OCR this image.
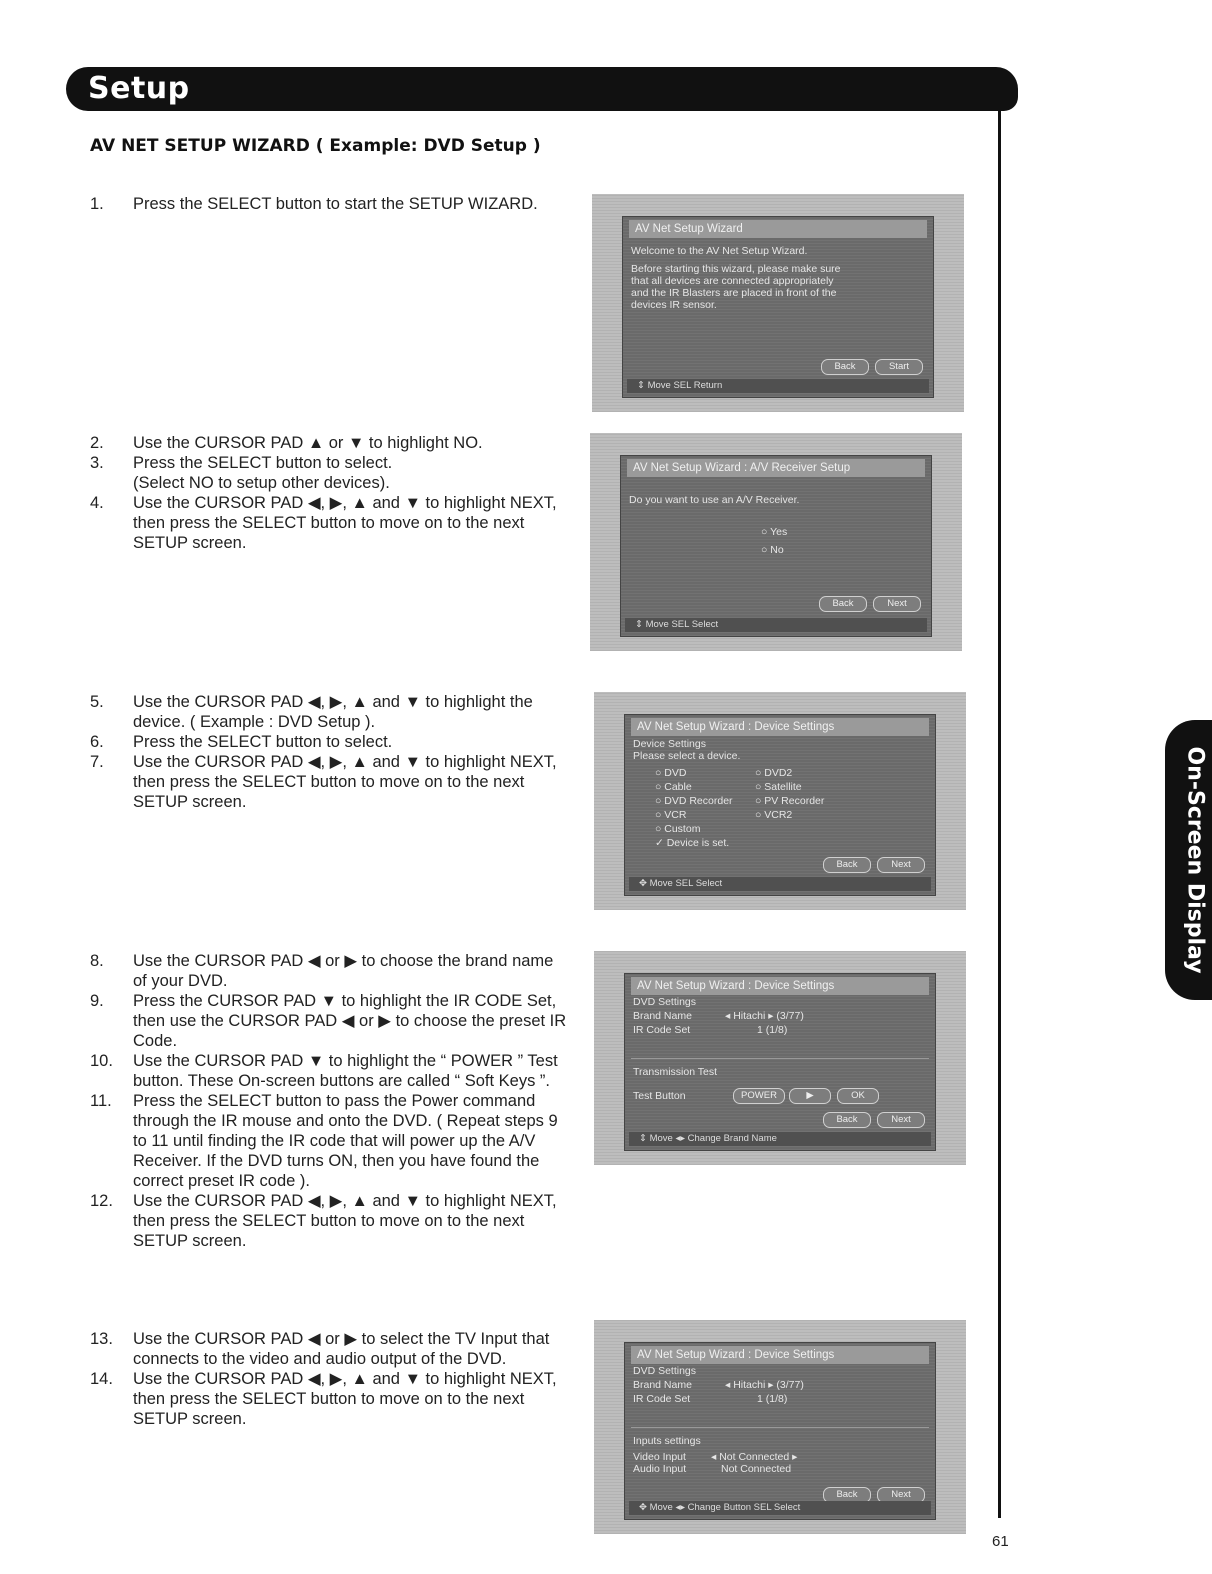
Setup
On-Screen Display
61
AV NET SETUP WIZARD ( Example: DVD Setup )
1.	Press the SELECT button to start the SETUP WIZARD.
2.	Use the CURSOR PAD ▲ or ▼ to highlight NO.
3.	Press the SELECT button to select. (Select NO to setup other devices).
4.	Use the CURSOR PAD ◀, ▶, ▲ and ▼ to highlight NEXT, then press the SELECT button to move on to the next SETUP screen.
5.	Use the CURSOR PAD ◀, ▶, ▲ and ▼ to highlight the device. ( Example : DVD Setup ).
6.	Press the SELECT button to select.
7.	Use the CURSOR PAD ◀, ▶, ▲ and ▼ to highlight NEXT, then press the SELECT button to move on to the next SETUP screen.
8.	Use the CURSOR PAD ◀ or ▶ to choose the brand name of your DVD.
9.	Press the CURSOR PAD ▼ to highlight the IR CODE Set, then use the CURSOR PAD ◀ or ▶ to choose the preset IR Code.
10.	Use the CURSOR PAD ▼ to highlight the “ POWER ” Test button. These On-screen buttons are called “ Soft Keys ”.
11.	Press the SELECT button to pass the Power command through the IR mouse and onto the DVD. ( Repeat steps 9 to 11 until finding the IR code that will power up the A/V Receiver. If the DVD turns ON, then you have found the correct preset IR code ).
12.	Use the CURSOR PAD ◀, ▶, ▲ and ▼ to highlight NEXT, then press the SELECT button to move on to the next SETUP screen.
13.	Use the CURSOR PAD ◀ or ▶ to select the TV Input that connects to the video and audio output of the DVD.
14.	Use the CURSOR PAD ◀, ▶, ▲ and ▼ to highlight NEXT, then press the SELECT button to move on to the next SETUP screen.
AV Net Setup Wizard
Welcome to the AV Net Setup Wizard.
Before starting this wizard, please make sure
that all devices are connected appropriately
and the IR Blasters are placed in front of the
devices IR sensor.
Back	Start
⇕ Move SEL Return
AV Net Setup Wizard : A/V Receiver Setup
Do you want to use an A/V Receiver.
○ Yes
○ No
Back	Next
⇕ Move SEL Select
AV Net Setup Wizard : Device Settings
Device Settings
Please select a device.
○ DVD	○ DVD2
○ Cable	○ Satellite
○ DVD Recorder ○ PV Recorder
○ VCR	○ VCR2
○ Custom
✓ Device is set.
Back	Next
✥ Move SEL Select
AV Net Setup Wizard : Device Settings
DVD Settings
Brand Name	◂ Hitachi ▸ (3/77)
IR Code Set	1 (1/8)
Transmission Test
Test Button	POWER	▶	OK
Back	Next
⇕ Move ◂▸ Change Brand Name
AV Net Setup Wizard : Device Settings
DVD Settings
Brand Name	◂ Hitachi ▸ (3/77)
IR Code Set	1 (1/8)
Inputs settings
Video Input ◂ Not Connected ▸
Audio Input	Not Connected
Back	Next
✥ Move ◂▸ Change Button SEL Select
